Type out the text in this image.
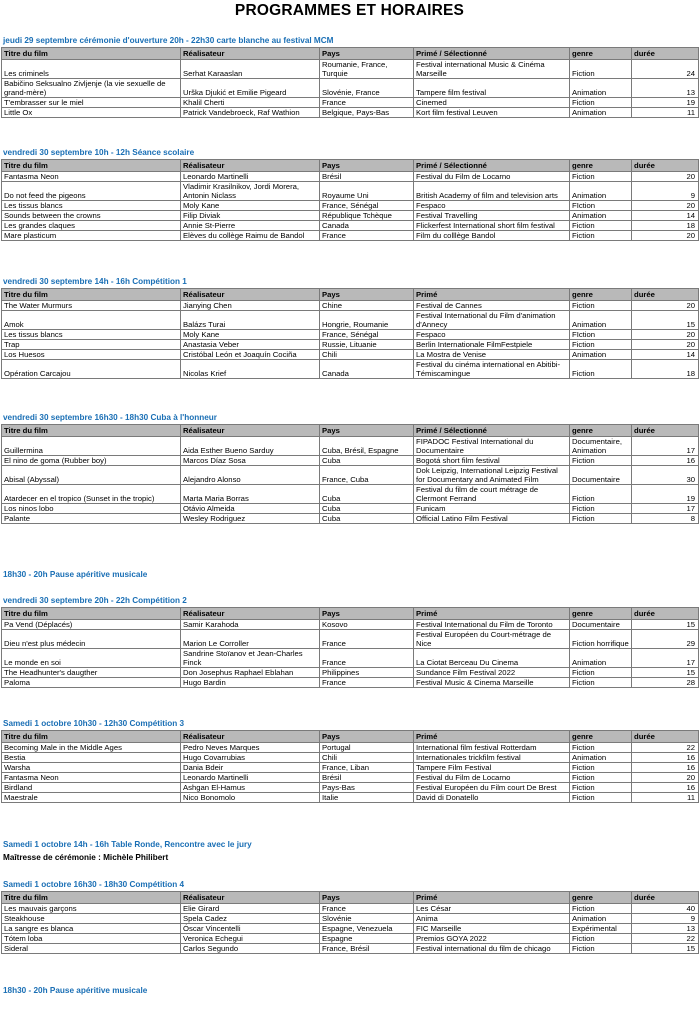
PROGRAMMES ET HORAIRES
jeudi 29 septembre cérémonie d'ouverture 20h - 22h30 carte blanche au festival MCM
Titre du film	Réalisateur	Pays	Primé / Sélectionné	genre	durée
Les criminels	Serhat Karaaslan	Roumanie, France, Turquie	Festival international Music & Cinéma Marseille	Fiction	24
Babičino Seksualno Zivljenje (la vie sexuelle de grand-mère)	Urška Djukić et Emilie Pigeard	Slovénie, France	Tampere film festival	Animation	13
T'embrasser sur le miel	Khalil Cherti	France	Cinemed	Fiction	19
Little Ox	Patrick Vandebroeck, Raf Wathion	Belgique, Pays-Bas	Kort film festival Leuven	Animation	11
vendredi 30 septembre 10h - 12h Séance scolaire
Titre du film	Réalisateur	Pays	Primé / Sélectionné	genre	durée
Fantasma Neon	Leonardo Martinelli	Brésil	Festival du Film de Locarno	Fiction	20
Do not feed the pigeons	Vladimir Krasilnikov, Jordi Morera, Antonin Niclass	Royaume Uni	British Academy of film and television arts	Animation	9
Les tissus blancs	Moly Kane	France, Sénégal	Fespaco	FIction	20
Sounds between the crowns	Filip Diviak	République Tchèque	Festival Travelling	Animation	14
Les grandes claques	Annie St-Pierre	Canada	Flickerfest International short film festival	Fiction	18
Mare plasticum	Elèves du collège Raimu de Bandol	France	Film du colllège Bandol	Fiction	20
vendredi 30 septembre 14h - 16h Compétition 1
Titre du film	Réalisateur	Pays	Primé	genre	durée
The Water Murmurs	Jianying Chen	Chine	Festival de Cannes	Fiction	20
Amok	Balázs Turai	Hongrie, Roumanie	Festival International du Film d'animation d'Annecy	Animation	15
Les tissus blancs	Moly Kane	France, Sénégal	Fespaco	FIction	20
Trap	Anastasia Veber	Russie, Lituanie	Berlin Internationale FilmFestpiele	Fiction	20
Los Huesos	Cristóbal León et Joaquín Cociña	Chili	La Mostra de Venise	Animation	14
Opération Carcajou	Nicolas Krief	Canada	Festival du cinéma international en Abitibi-Témiscamingue	Fiction	18
vendredi 30 septembre 16h30 - 18h30 Cuba à l'honneur
Titre du film	Réalisateur	Pays	Primé / Sélectionné	genre	durée
Guillermina	Aida Esther Bueno Sarduy	Cuba, Brésil, Espagne	FIPADOC Festival International du Documentaire	Documentaire, Animation	17
El nino de goma (Rubber boy)	Marcos Díaz Sosa	Cuba	Bogotá short film festival	Fiction	16
Abisal (Abyssal)	Alejandro Alonso	France, Cuba	Dok Leipzig, International Leipzig Festival for Documentary and Animated Film	Documentaire	30
Atardecer en el tropico (Sunset in the tropic)	Marta Maria Borras	Cuba	Festival du film de court métrage de Clermont Ferrand	Fiction	19
Los ninos lobo	Otávio Almeida	Cuba	Funicam	Fiction	17
Palante	Wesley Rodriguez	Cuba	Official Latino Film Festival	Fiction	8
18h30 - 20h Pause apéritive musicale
vendredi 30 septembre 20h - 22h Compétition 2
Titre du film	Réalisateur	Pays	Primé	genre	durée
Pa Vend (Déplacés)	Samir Karahoda	Kosovo	Festival International du Film de Toronto	Documentaire	15
Dieu n'est plus médecin	Marion Le Corroller	France	Festival Européen du Court-métrage de Nice	Fiction horrifique	29
Le monde en soi	Sandrine Stoïanov et Jean-Charles Finck	France	La Ciotat Berceau Du Cinema	Animation	17
The Headhunter's daugther	Don Josephus Raphael Eblahan	Philippines	Sundance Film Festival 2022	Fiction	15
Paloma	Hugo Bardin	France	Festival Music & Cinema Marseille	Fiction	28
Samedi 1 octobre 10h30 - 12h30 Compétition 3
Titre du film	Réalisateur	Pays	Primé	genre	durée
Becoming Male in the Middle Ages	Pedro Neves Marques	Portugal	International film festival Rotterdam	Fiction	22
Bestia	Hugo Covarrubias	Chili	Internationales trickfilm festival	Animation	16
Warsha	Dania Bdeir	France, Liban	Tampere Film Festival	Fiction	16
Fantasma Neon	Leonardo Martinelli	Brésil	Festival du Film de Locarno	Fiction	20
Birdland	Ashgan El-Hamus	Pays-Bas	Festival Européen du Film court De Brest	Fiction	16
Maestrale	Nico Bonomolo	Italie	David di Donatello	Fiction	11
Samedi 1 octobre 14h - 16h Table Ronde, Rencontre avec le jury
Maîtresse de cérémonie : Michèle Philibert
Samedi 1 octobre 16h30 - 18h30 Compétition 4
Titre du film	Réalisateur	Pays	Primé	genre	durée
Les mauvais garçons	Elie Girard	France	Les César	Fiction	40
Steakhouse	Spela Cadez	Slovénie	Anima	Animation	9
La sangre es blanca	Óscar Vincentelli	Espagne, Venezuela	FIC Marseille	Expérimental	13
Tótem loba	Veronica Echegui	Espagne	Premios GOYA 2022	Fiction	22
Sideral	Carlos Segundo	France, Brésil	Festival international du film de chicago	Fiction	15
18h30 - 20h Pause apéritive musicale
